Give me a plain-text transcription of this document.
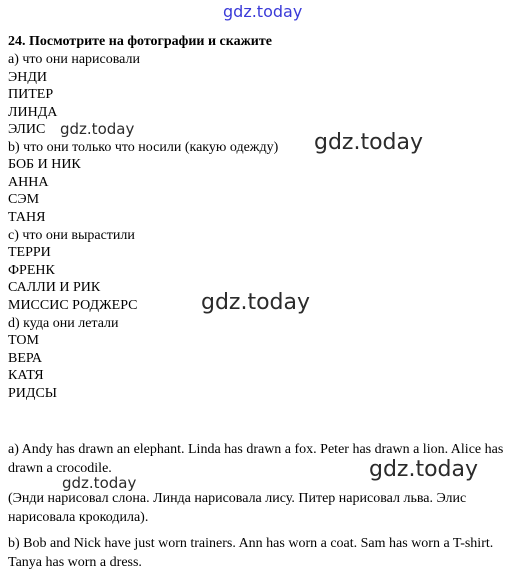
gdz.today
gdz.today
gdz.today
gdz.today
gdz.today
gdz.today
24. Посмотрите на фотографии и скажите
а) что они нарисовали
ЭНДИ
ПИТЕР
ЛИНДА
ЭЛИС
b) что они только что носили (какую одежду)
БОБ И НИК
АННА
СЭМ
ТАНЯ
с) что они вырастили
ТЕРРИ
ФРЕНК
САЛЛИ И РИК
МИССИС РОДЖЕРС
d) куда они летали
ТОМ
ВЕРА
КАТЯ
РИДСЫ
a) Andy has drawn an elephant. Linda has drawn a fox. Peter has drawn a lion. Alice has drawn a crocodile.
(Энди нарисовал слона. Линда нарисовала лису. Питер нарисовал льва. Элис нарисовала крокодила).
b) Bob and Nick have just worn trainers. Ann has worn a coat. Sam has worn a T-shirt. Tanya has worn a dress.
